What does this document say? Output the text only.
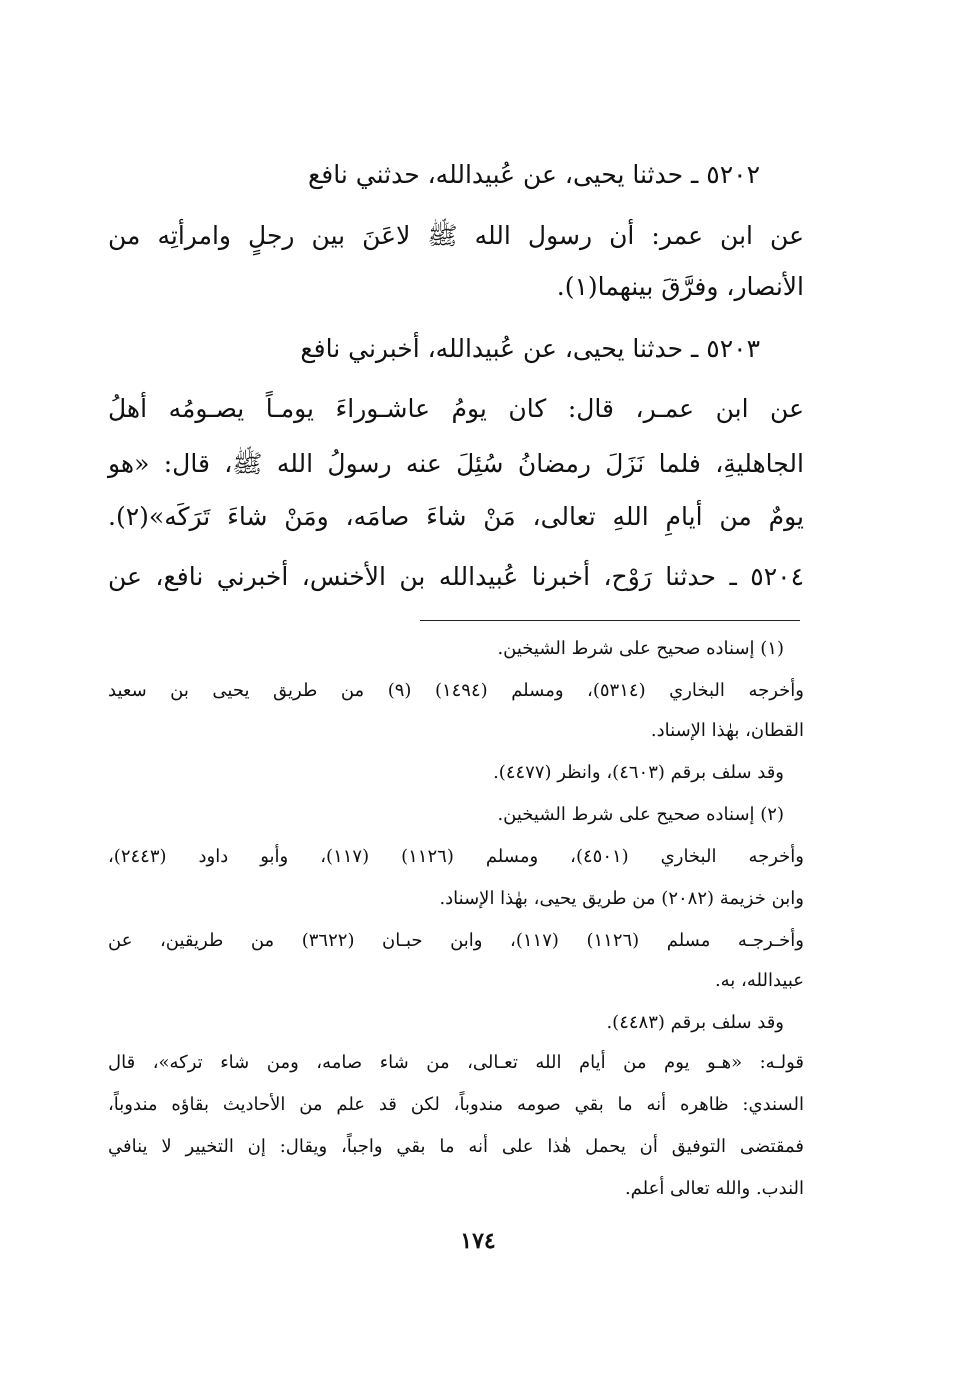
٥٢٠٢ ـ حدثنا يحيى، عن عُبيدالله، حدثني نافع
عن ابن عمر: أن رسول الله ﷺ لاعَنَ بين رجلٍ وامرأتِه من
الأنصار، وفرَّقَ بينهما(١).
٥٢٠٣ ـ حدثنا يحيى، عن عُبيدالله، أخبرني نافع
عن ابن عمـر، قال: كان يومُ عاشـوراءَ يومـاً يصـومُه أهلُ
الجاهليةِ، فلما نَزَلَ رمضانُ سُئِلَ عنه رسولُ الله ﷺ، قال: «هو
يومٌ من أيامِ اللهِ تعالى، مَنْ شاءَ صامَه، ومَنْ شاءَ تَرَكَه»(٢).
٥٢٠٤ ـ حدثنا رَوْح، أخبرنا عُبيدالله بن الأخنس، أخبرني نافع، عن
(١) إسناده صحيح على شرط الشيخين.
وأخرجه البخاري (٥٣١٤)، ومسلم (١٤٩٤) (٩) من طريق يحيى بن سعيد
القطان، بهٰذا الإسناد.
وقد سلف برقم (٤٦٠٣)، وانظر (٤٤٧٧).
(٢) إسناده صحيح على شرط الشيخين.
وأخرجه البخاري (٤٥٠١)، ومسلم (١١٢٦) (١١٧)، وأبو داود (٢٤٤٣)،
وابن خزيمة (٢٠٨٢) من طريق يحيى، بهٰذا الإسناد.
وأخـرجـه مسلم (١١٢٦) (١١٧)، وابن حبـان (٣٦٢٢) من طريقين، عن
عبيدالله، به.
وقد سلف برقم (٤٤٨٣).
قولـه: «هـو يوم من أيام الله تعـالى، من شاء صامه، ومن شاء تركه»، قال
السندي: ظاهره أنه ما بقي صومه مندوباً، لكن قد علم من الأحاديث بقاؤه مندوباً،
فمقتضى التوفيق أن يحمل هٰذا على أنه ما بقي واجباً، ويقال: إن التخيير لا ينافي
الندب. والله تعالى أعلم.
١٧٤
